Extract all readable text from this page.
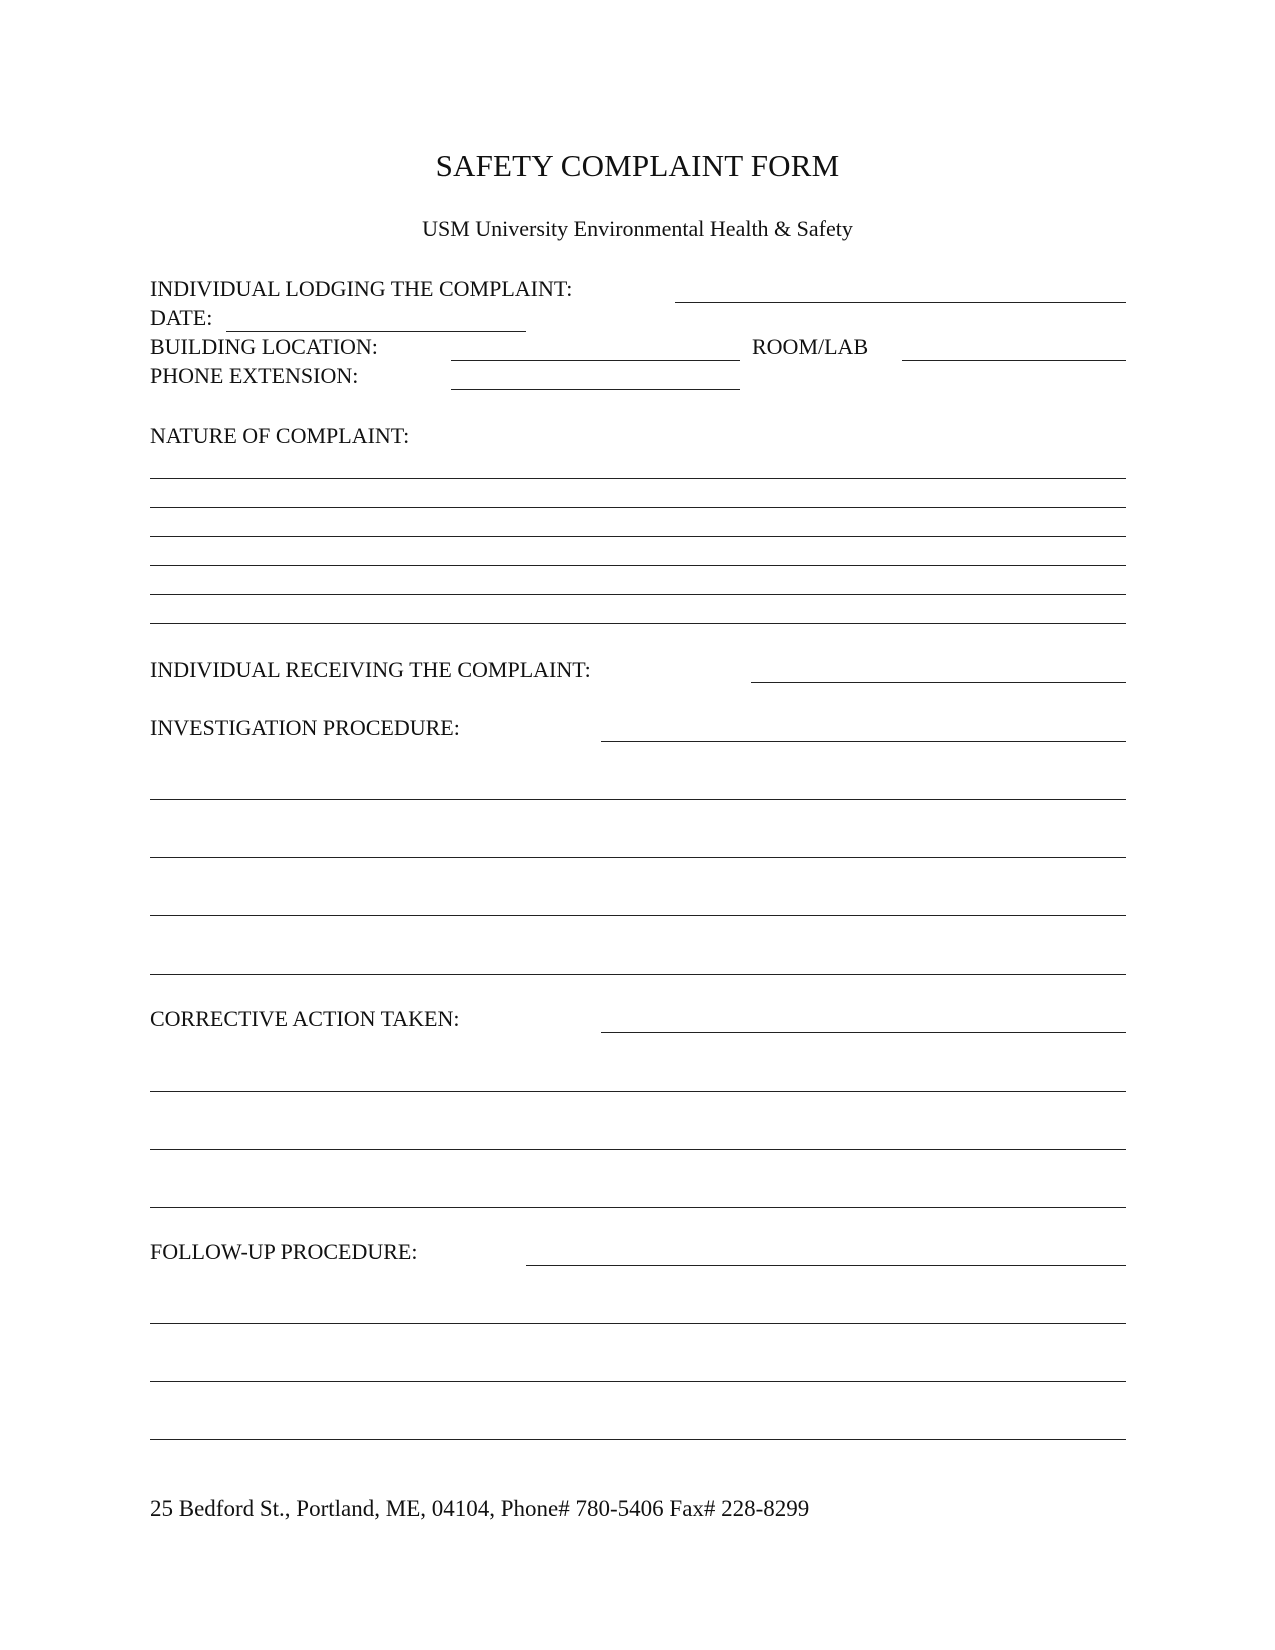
SAFETY COMPLAINT FORM
USM University Environmental Health & Safety
INDIVIDUAL LODGING THE COMPLAINT:
DATE:
BUILDING LOCATION:	ROOM/LAB
PHONE EXTENSION:
NATURE OF COMPLAINT:
INDIVIDUAL RECEIVING THE COMPLAINT:
INVESTIGATION PROCEDURE:
CORRECTIVE ACTION TAKEN:
FOLLOW-UP PROCEDURE:
25 Bedford St., Portland, ME, 04104, Phone# 780-5406 Fax# 228-8299
